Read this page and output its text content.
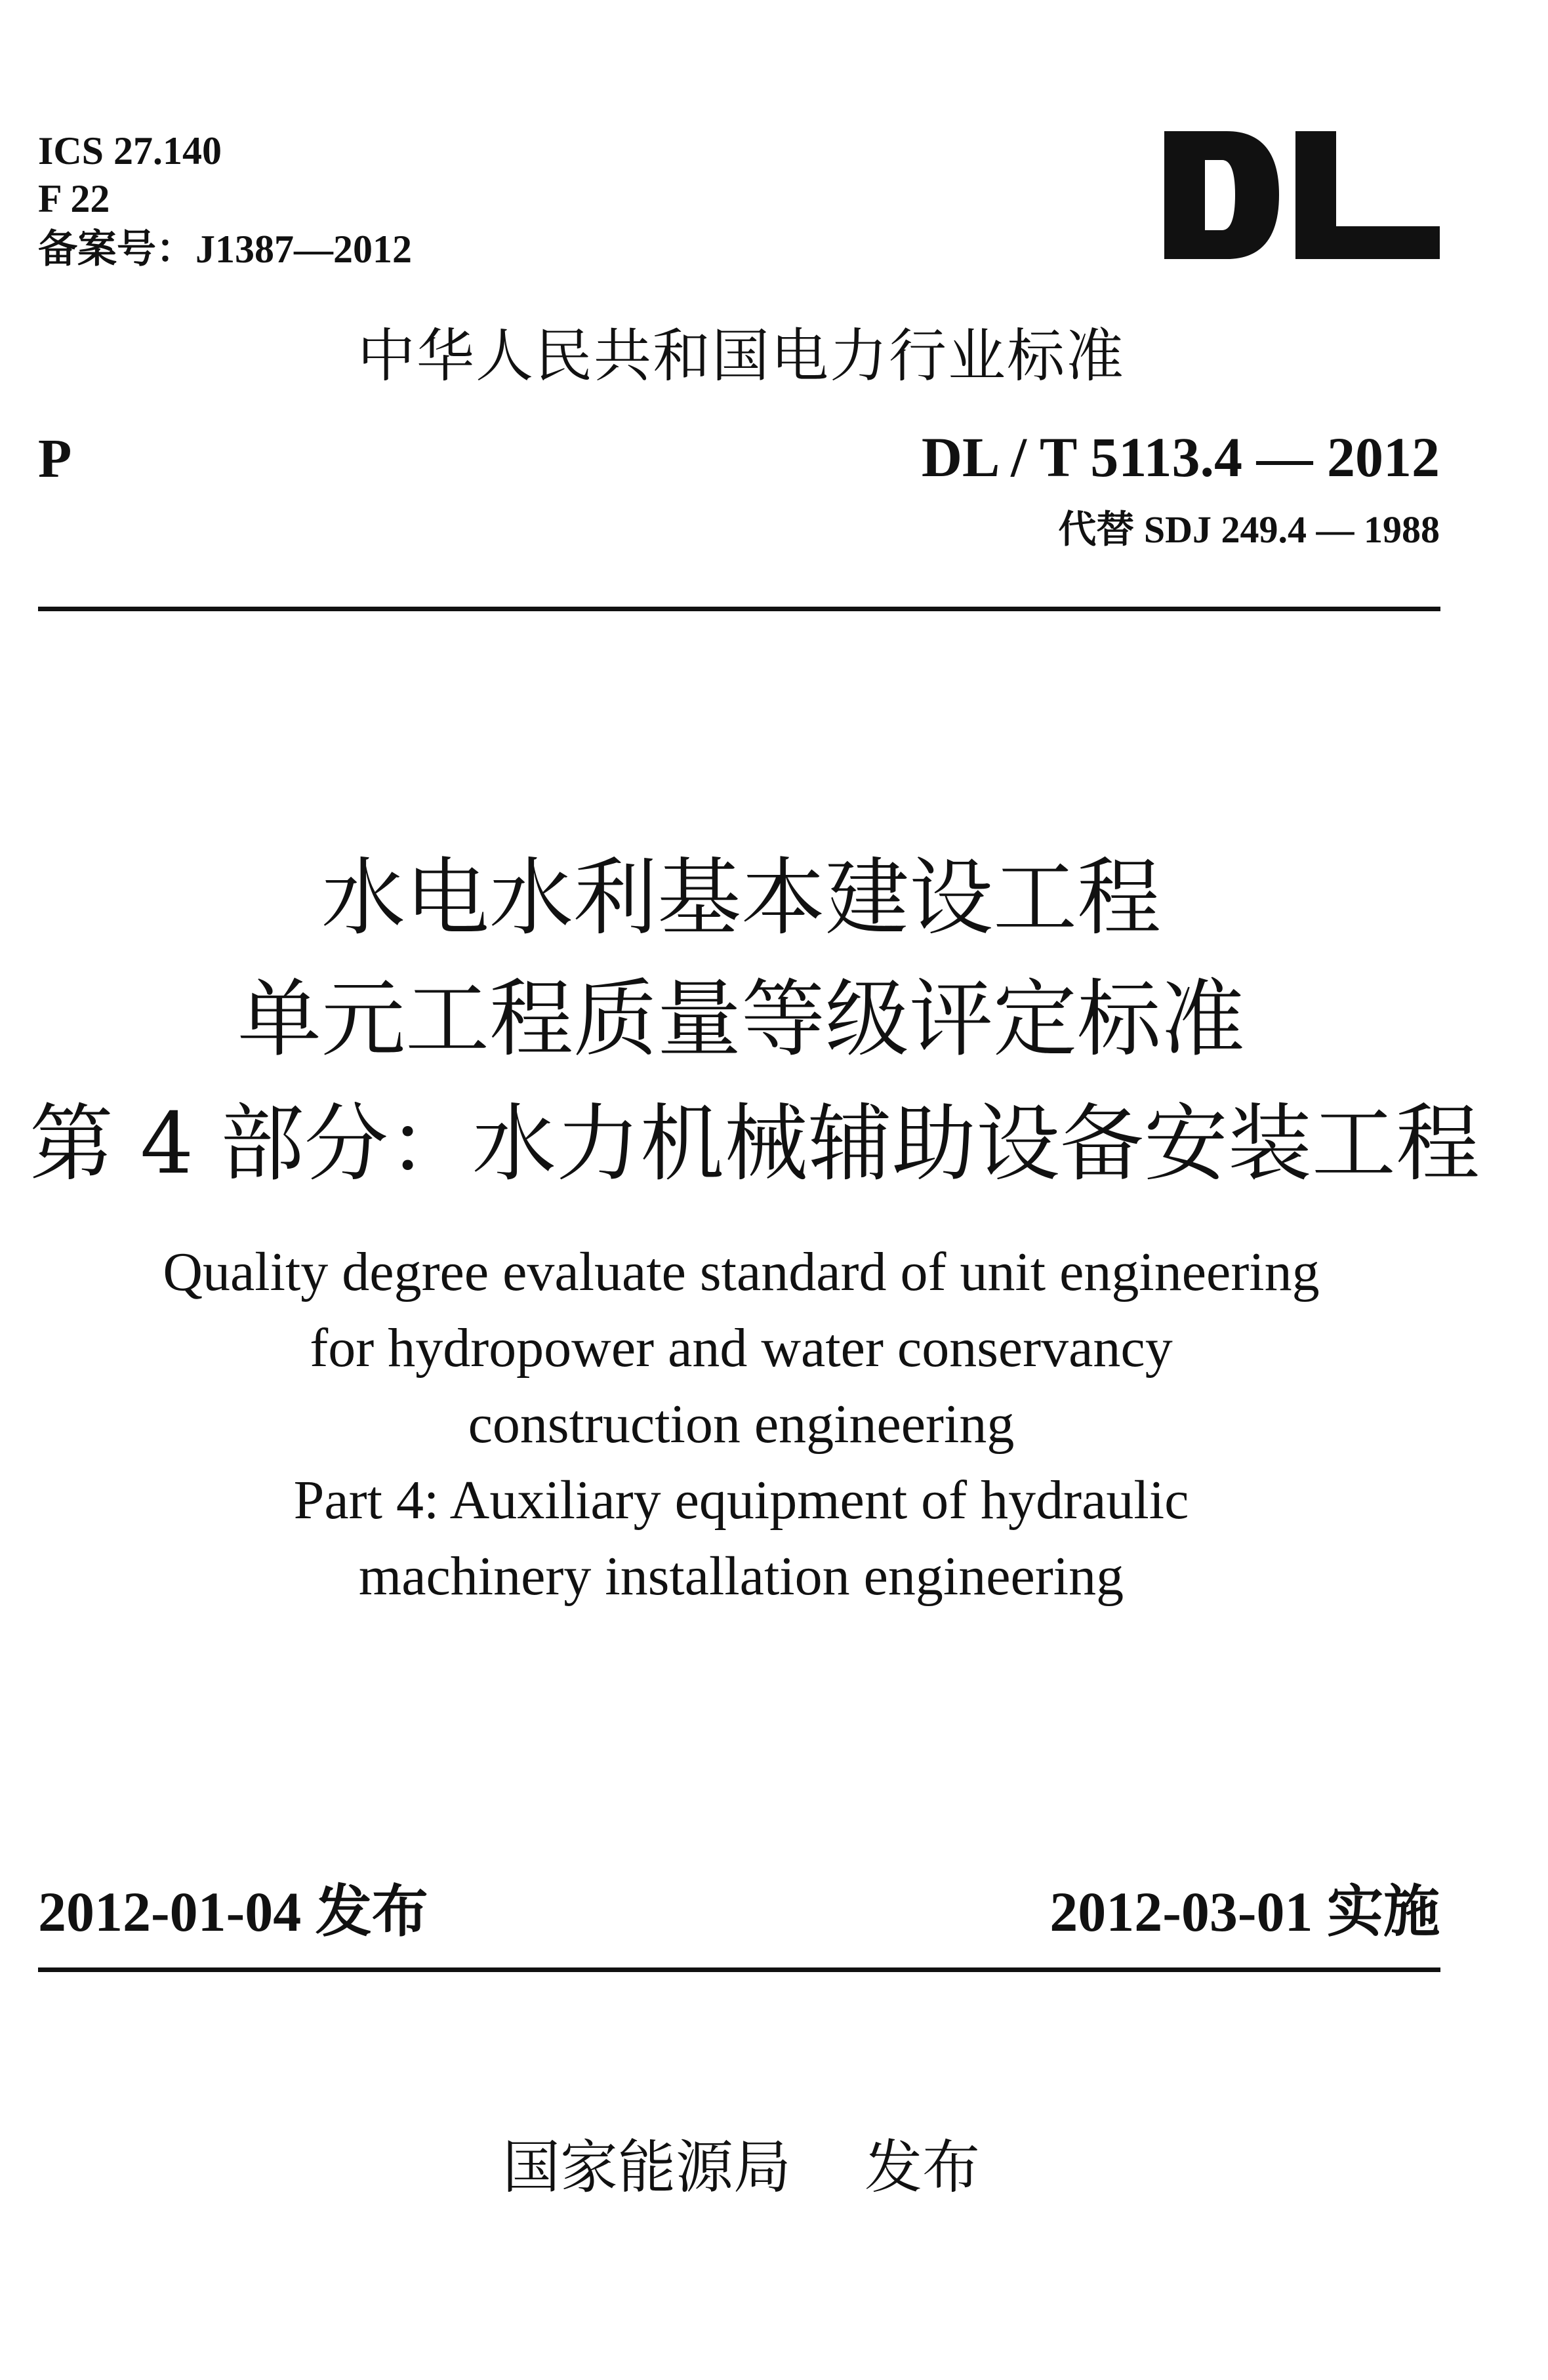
ICS 27.140
F 22
备案号：J1387—2012
中华人民共和国电力行业标准
P	DL / T 5113.4 — 2012
代替 SDJ 249.4 — 1988
水电水利基本建设工程
单元工程质量等级评定标准
第 4 部分：水力机械辅助设备安装工程
Quality degree evaluate standard of unit engineering
for hydropower and water conservancy
construction engineering
Part 4: Auxiliary equipment of hydraulic
machinery installation engineering
2012-01-04 发布	2012-03-01 实施
国家能源局 发布
